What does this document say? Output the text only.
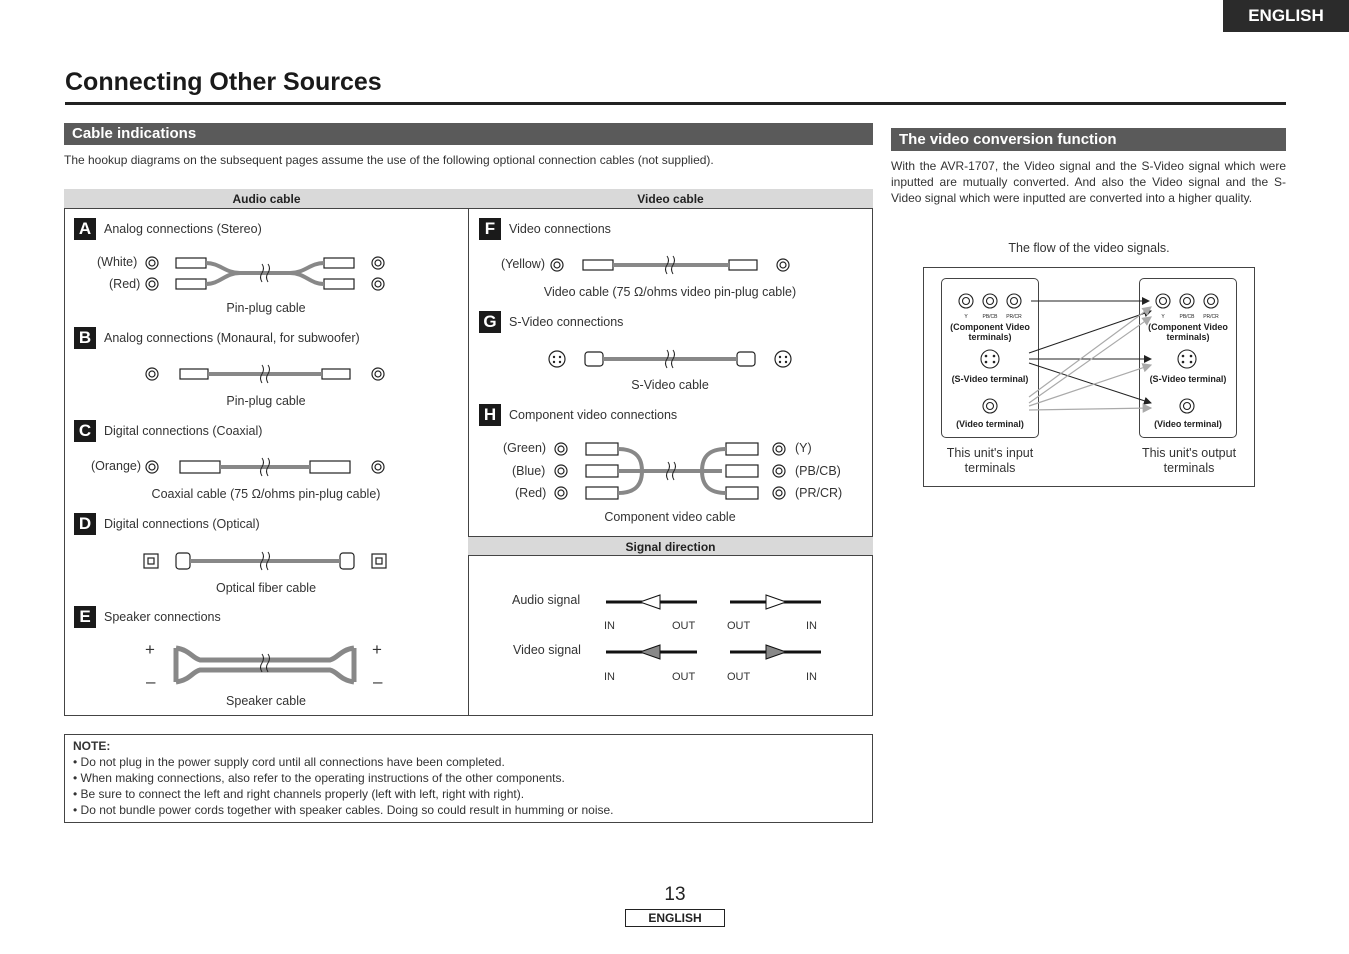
ENGLISH
Connecting Other Sources
Cable indications
The hookup diagrams on the subsequent pages assume the use of the following optional connection cables (not supplied).
Audio cable	Video cable
A	Analog connections (Stereo)
(White)
(Red)
Pin-plug cable
B	Analog connections (Monaural, for subwoofer)
Pin-plug cable
C	Digital connections (Coaxial)
(Orange)
Coaxial cable (75 Ω/ohms pin-plug cable)
D	Digital connections (Optical)
Optical fiber cable
E	Speaker connections
+
–
+
–
Speaker cable
F	Video connections
(Yellow)
Video cable (75 Ω/ohms video pin-plug cable)
G S-Video connections
S-Video cable
H	Component video connections
(Green)
(Blue)
(Red)
(Y)
(PB/CB)
(PR/CR)
Component video cable
Signal direction
Audio signal
Video signal
IN	OUT	OUT	IN
IN	OUT	OUT	IN
NOTE:
• Do not plug in the power supply cord until all connections have been completed.
• When making connections, also refer to the operating instructions of the other components.
• Be sure to connect the left and right channels properly (left with left, right with right).
• Do not bundle power cords together with speaker cables. Doing so could result in humming or noise.
The video conversion function
With the AVR-1707, the Video signal and the S-Video signal which were inputted are mutually converted. And also the Video signal and the S-Video signal which were inputted are converted into a higher quality.
The flow of the video signals.
(Component Video terminals)
(S-Video terminal)
(Video terminal)
(Component Video terminals)
(S-Video terminal)
(Video terminal)
Y	PB/CB	PR/CR	Y	PB/CB	PR/CR
This unit's input terminals
This unit's output terminals
13
ENGLISH
